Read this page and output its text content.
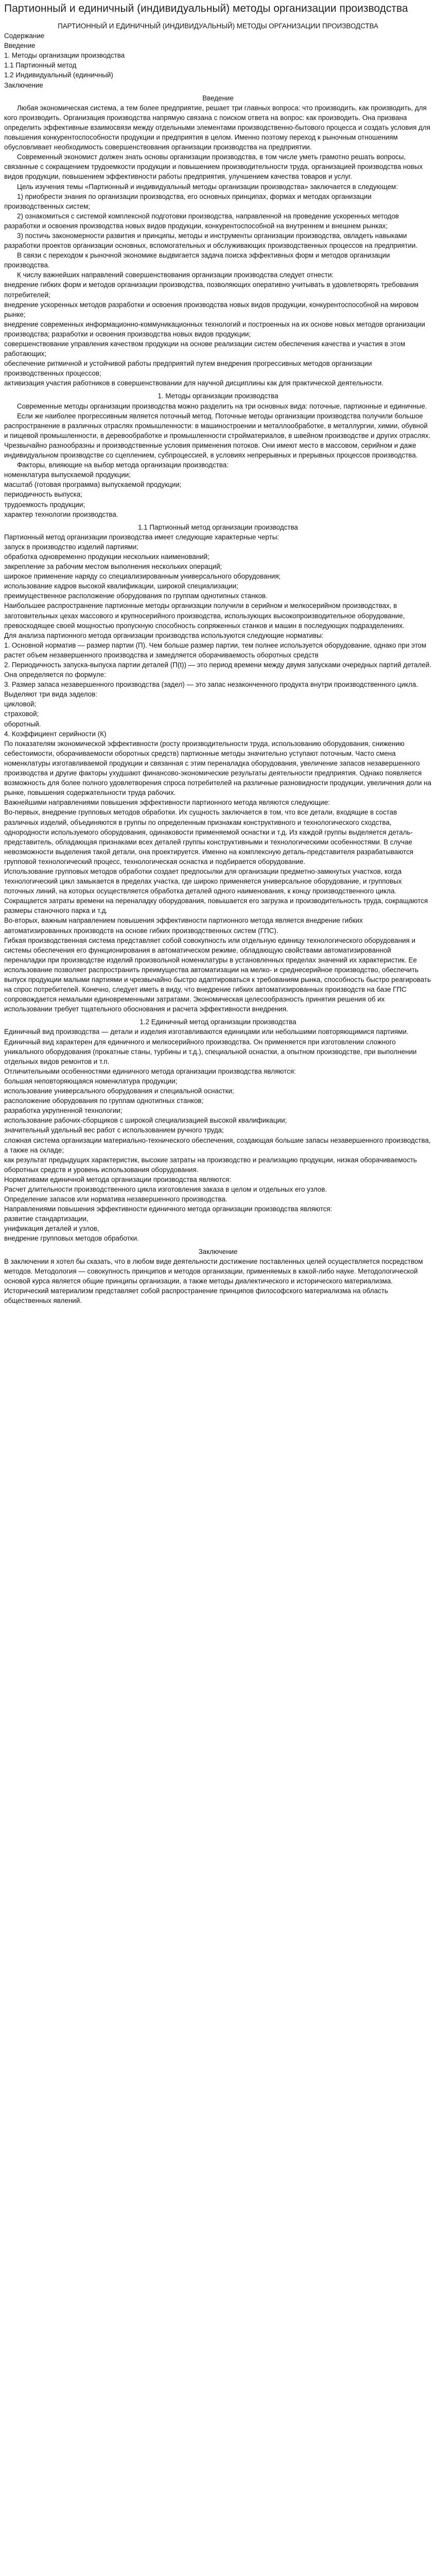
Партионный и единичный (индивидуальный) методы организации производства

ПАРТИОННЫЙ И ЕДИНИЧНЫЙ (ИНДИВИДУАЛЬНЫЙ) МЕТОДЫ ОРГАНИЗАЦИИ ПРОИЗВОДСТВА

Содержание

Введение

1. Методы организации производства

1.1 Партионный метод

1.2 Индивидуальный (единичный)

Заключение

Введение

Любая экономическая система, а тем более предприятие, решает три главных вопроса: что производить, как производить, для кого производить. Организация производства напрямую связана с поиском ответа на вопрос: как производить. Она призвана определить эффективные взаимосвязи между отдельными элементами производственно-бытового процесса и создать условия для повышения конкурентоспособности продукции и предприятия в целом. Именно поэтому переход к рыночным отношениям обусловливает необходимость совершенствования организации производства на предприятии.

Современный экономист должен знать основы организации производства, в том числе уметь грамотно решать вопросы, связанные с сокращением трудоемкости продукции и повышением производительности труда, организацией производства новых видов продукции, повышением эффективности работы предприятия, улучшением качества товаров и услуг.

Цель изучения темы «Партионный и индивидуальный методы организации производства» заключается в следующем:

1) приобрести знания по организации производства, его основных принципах, формах и методах организации производственных систем;

2) ознакомиться с системой комплексной подготовки производства, направленной на проведение ускоренных методов разработки и освоения производства новых видов продукции, конкурентоспособной на внутреннем и внешнем рынках;

3) постичь закономерности развития и принципы, методы и инструменты организации производства, овладеть навыками разработки проектов организации основных, вспомогательных и обслуживающих производственных процессов на предприятии.

В связи с переходом к рыночной экономике выдвигается задача поиска эффективных форм и методов организации производства.

К числу важнейших направлений совершенствования организации производства следует отнести:

внедрение гибких форм и методов организации производства, позволяющих оперативно учитывать в удовлетворять требования потребителей;

внедрение ускоренных методов разработки и освоения производства новых видов продукции, конкурентоспособной на мировом рынке;

внедрение современных информационно-коммуникационных технологий и построенных на их основе новых методов организации производства; разработки и освоения производства новых видов продукции;

совершенствование управления качеством продукции на основе реализации систем обеспечения качества и участия в этом работающих;

обеспечение ритмичной и устойчивой работы предприятий путем внедрения прогрессивных методов организации производственных процессов;

активизация участия работников в совершенствовании для научной дисциплины как для практической деятельности.

1. Методы организации производства

Современные методы организации производства можно разделить на три основных вида: поточные, партионные и единичные.

Если же наиболее прогрессивным является поточный метод. Поточные методы организации производства получили большое распространение в различных отраслях промышленности: в машиностроении и металлообработке, в металлургии, химии, обувной и пищевой промышленности, в деревообработке и промышленности стройматериалов, в швейном производстве и других отраслях. Чрезвычайно разнообразны и производственные условия применения потоков. Они имеют место в массовом, серийном и даже индивидуальном производстве со сцеплением, субпроцессией, в условиях непрерывных и прерывных процессов производства.

Факторы, влияющие на выбор метода организации производства:

номенклатура выпускаемой продукции;

масштаб (готовая программа) выпускаемой продукции;

периодичность выпуска;

трудоемкость продукции;

характер технологии производства.

1.1 Партионный метод организации производства

Партионный метод организации производства имеет следующие характерные черты:

запуск в производство изделий партиями;

обработка одновременно продукции нескольких наименований;

закрепление за рабочим местом выполнения нескольких операций;

широкое применение наряду со специализированным универсального оборудования;

использование кадров высокой квалификации, широкой специализации;

преимущественное расположение оборудования по группам однотипных станков.

Наибольшее распространение партионные методы организации получили в серийном и мелкосерийном производствах, в заготовительных цехах массового и крупносерийного производства, использующих высокопроизводительное оборудование, превосходящее своей мощностью пропускную способность сопряженных станков и машин в последующих подразделениях.

Для анализа партионного метода организации производства используются следующие нормативы:

1. Основной норматив — размер партии (П). Чем больше размер партии, тем полнее используется оборудование, однако при этом растет объем незавершенного производства и замедляется оборачиваемость оборотных средств

2. Периодичность запуска-выпуска партии деталей (П(t)) — это период времени между двумя запусками очередных партий деталей. Она определяется по формуле:

3. Размер запаса незавершенного производства (задел) — это запас незаконченного продукта внутри производственного цикла. Выделяют три вида заделов:

цикловой;

страховой;

оборотный.

4. Коэффициент серийности (К)

По показателям экономической эффективности (росту производительности труда, использованию оборудования, снижению себестоимости, оборачиваемости оборотных средств) партионные методы значительно уступают поточным. Часто смена номенклатуры изготавливаемой продукции и связанная с этим переналадка оборудования, увеличение запасов незавершенного производства и другие факторы ухудшают финансово-экономические результаты деятельности предприятия. Однако появляется возможность для более полного удовлетворения спроса потребителей на различные разновидности продукции, увеличения доли на рынке, повышения содержательности труда рабочих.

Важнейшими направлениями повышения эффективности партионного метода являются следующие:

Во-первых, внедрение групповых методов обработки. Их сущность заключается в том, что все детали, входящие в состав различных изделий, объединяются в группы по определенным признакам конструктивного и технологического сходства, однородности используемого оборудования, одинаковости применяемой оснастки и т.д. Из каждой группы выделяется деталь-представитель, обладающая признаками всех деталей группы конструктивными и технологическими особенностями. В случае невозможности выделения такой детали, она проектируется. Именно на комплексную деталь-представителя разрабатываются групповой технологический процесс, технологическая оснастка и подбирается оборудование.

Использование групповых методов обработки создает предпосылки для организации предметно-замкнутых участков, когда технологический цикл замыкается в пределах участка, где широко применяется универсальное оборудование, и групповых поточных линий, на которых осуществляется обработка деталей одного наименования, к концу производственного цикла. Сокращается затраты времени на переналадку оборудования, повышается его загрузка и производительность труда, сокращаются размеры станочного парка и т.д.

Во-вторых, важным направлением повышения эффективности партионного метода является внедрение гибких автоматизированных производств на основе гибких производственных систем (ГПС).

Гибкая производственная система представляет собой совокупность или отдельную единицу технологического оборудования и системы обеспечения его функционирования в автоматическом режиме, обладающую свойствами автоматизированной переналадки при производстве изделий произвольной номенклатуры в установленных пределах значений их характеристик. Ее использование позволяет распространить преимущества автоматизации на мелко- и среднесерийное производство, обеспечить выпуск продукции малыми партиями и чрезвычайно быстро адаптироваться к требованиям рынка, способность быстро реагировать на спрос потребителей. Конечно, следует иметь в виду, что внедрение гибких автоматизированных производств на базе ГПС сопровождается немалыми единовременными затратами. Экономическая целесообразность принятия решения об их использовании требует тщательного обоснования и расчета эффективности внедрения.

1.2 Единичный метод организации производства

Единичный вид производства — детали и изделия изготавливаются единицами или небольшими повторяющимися партиями.

Единичный вид характерен для единичного и мелкосерийного производства. Он применяется при изготовлении сложного уникального оборудования (прокатные станы, турбины и т.д.), специальной оснастки, а опытном производстве, при выполнении отдельных видов ремонтов и т.п.

Отличительными особенностями единичного метода организации производства являются:

большая неповторяющаяся номенклатура продукции;

использование универсального оборудования и специальной оснастки;

расположение оборудования по группам однотипных станков;

разработка укрупненной технологии;

использование рабочих-сборщиков с широкой специализацией высокой квалификации;

значительный удельный вес работ с использованием ручного труда;

сложная система организации материально-технического обеспечения, создающая большие запасы незавершенного производства, а также на складе;

как результат предыдущих характеристик, высокие затраты на производство и реализацию продукции, низкая оборачиваемость оборотных средств и уровень использования оборудования.

Нормативами единичной метода организации производства являются:

Расчет длительности производственного цикла изготовления заказа в целом и отдельных его узлов.

Определение запасов или норматива незавершенного производства.

Направлениями повышения эффективности единичного метода организации производства являются:

развитие стандартизации,

унификация деталей и узлов,

внедрение групповых методов обработки.

Заключение

В заключении я хотел бы сказать, что в любом виде деятельности достижение поставленных целей осуществляется посредством методов. Методология — совокупность принципов и методов организации, применяемых в какой-либо науке. Методологической основой курса является общие принципы организации, а также методы диалектического и исторического материализма. Исторический материализм представляет собой распространение принципов философского материализма на область общественных явлений.
